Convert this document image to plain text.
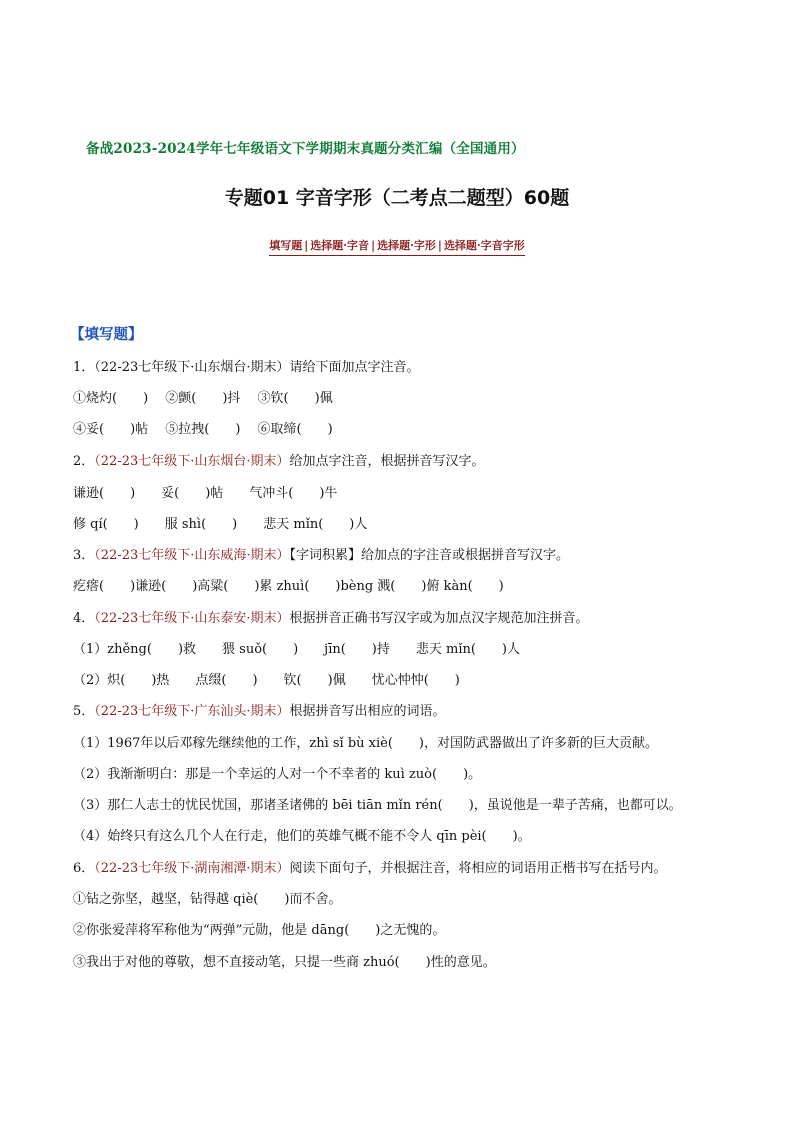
备战2023-2024学年七年级语文下学期期末真题分类汇编（全国通用）
专题01 字音字形（二考点二题型）60题
填写题 | 选择题·字音 | 选择题·字形 | 选择题·字音字形
【填写题】
1．（22-23七年级下·山东烟台·期末）请给下面加点字注音。
①烧灼(　　)　 ②颤(　　)抖　 ③钦(　　)佩
④妥(　　)帖　 ⑤拉拽(　　)　 ⑥取缔(　　)
2．（22-23七年级下·山东烟台·期末）给加点字注音，根据拼音写汉字。
谦逊(　　)　　妥(　　)帖　　气冲斗(　　)牛
修 qí(　　)　　服 shì(　　)　　悲天 mǐn(　　)人
3．（22-23七年级下·山东威海·期末）【字词积累】给加点的字注音或根据拼音写汉字。
疙瘩(　　)谦逊(　　)高粱(　　)累 zhuì(　　)bèng 溅(　　)俯 kàn(　　)
4．（22-23七年级下·山东泰安·期末）根据拼音正确书写汉字或为加点汉字规范加注拼音。
（1）zhěng(　　)救　　猥 suǒ(　　)　　jīn(　　)持　　悲天 mǐn(　　)人
（2）炽(　　)热　　点缀(　　)　　钦(　　)佩　　忧心忡忡(　　)
5．（22-23七年级下·广东汕头·期末）根据拼音写出相应的词语。
（1）1967年以后邓稼先继续他的工作，zhì sǐ bù xiè(　　)，对国防武器做出了许多新的巨大贡献。
（2）我渐渐明白：那是一个幸运的人对一个不幸者的 kuì zuò(　　)。
（3）那仁人志士的忧民忧国，那诸圣诸佛的 bēi tiān mǐn rén(　　)，虽说他是一辈子苦痛，也都可以。
（4）始终只有这么几个人在行走，他们的英雄气概不能不令人 qīn pèi(　　)。
6．（22-23七年级下·湖南湘潭·期末）阅读下面句子，并根据注音，将相应的词语用正楷书写在括号内。
①钻之弥坚，越坚，钻得越 qiè(　　)而不舍。
②你张爱萍将军称他为“两弹”元勋，他是 dāng(　　)之无愧的。
③我出于对他的尊敬，想不直接动笔，只提一些商 zhuó(　　)性的意见。
